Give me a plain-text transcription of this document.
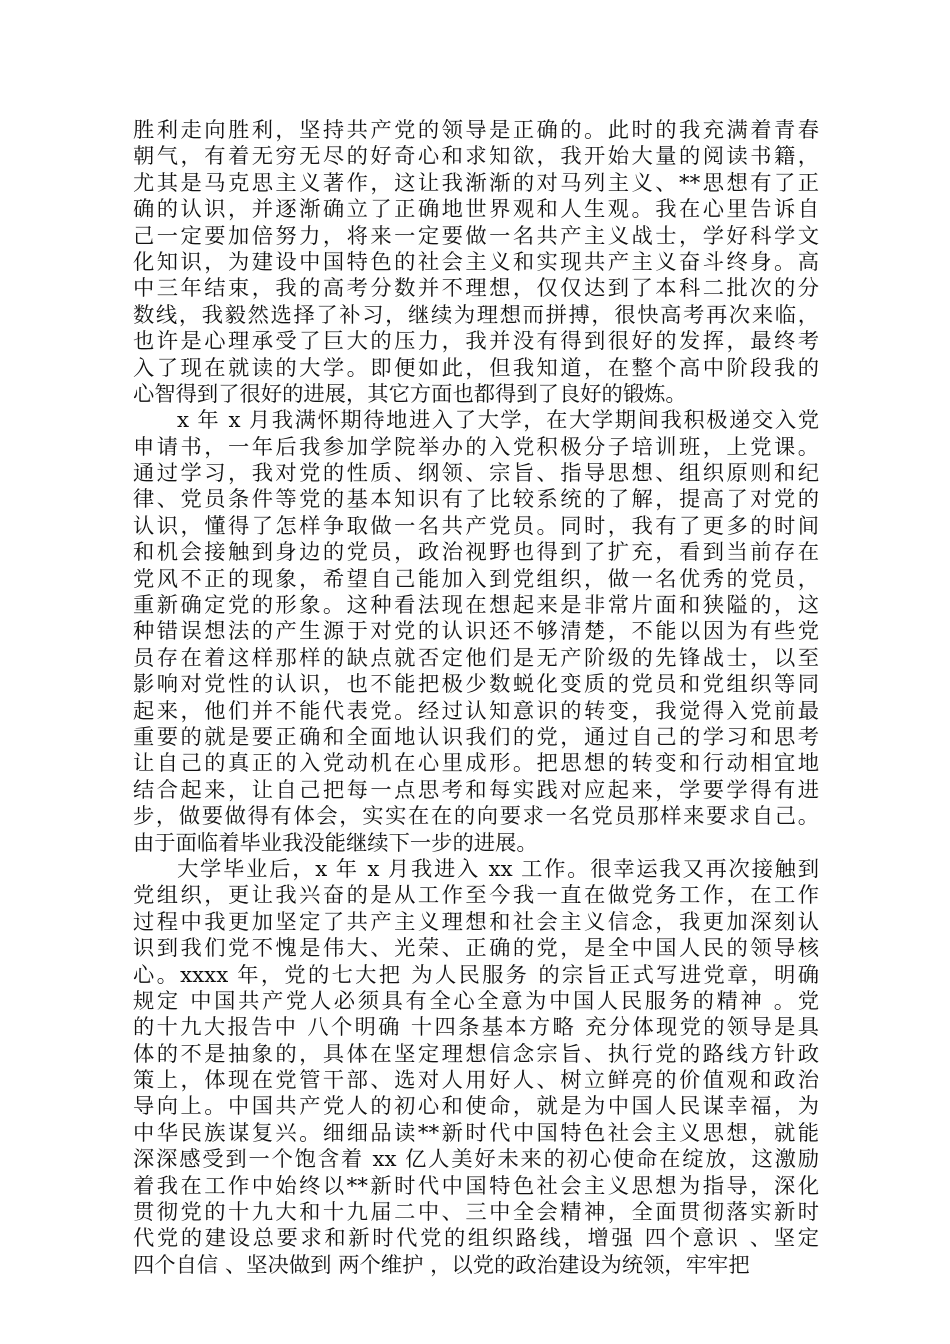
胜利走向胜利，坚持共产党的领导是正确的。此时的我充满着青春
朝气，有着无穷无尽的好奇心和求知欲，我开始大量的阅读书籍，
尤其是马克思主义著作，这让我渐渐的对马列主义、**思想有了正
确的认识，并逐渐确立了正确地世界观和人生观。我在心里告诉自
己一定要加倍努力，将来一定要做一名共产主义战士，学好科学文
化知识，为建设中国特色的社会主义和实现共产主义奋斗终身。高
中三年结束，我的高考分数并不理想，仅仅达到了本科二批次的分
数线，我毅然选择了补习，继续为理想而拼搏，很快高考再次来临，
也许是心理承受了巨大的压力，我并没有得到很好的发挥，最终考
入了现在就读的大学。即便如此，但我知道，在整个高中阶段我的
心智得到了很好的进展，其它方面也都得到了良好的锻炼。
x 年 x 月我满怀期待地进入了大学，在大学期间我积极递交入党
申请书，一年后我参加学院举办的入党积极分子培训班，上党课。
通过学习，我对党的性质、纲领、宗旨、指导思想、组织原则和纪
律、党员条件等党的基本知识有了比较系统的了解，提高了对党的
认识，懂得了怎样争取做一名共产党员。同时，我有了更多的时间
和机会接触到身边的党员，政治视野也得到了扩充，看到当前存在
党风不正的现象，希望自己能加入到党组织，做一名优秀的党员，
重新确定党的形象。这种看法现在想起来是非常片面和狭隘的，这
种错误想法的产生源于对党的认识还不够清楚，不能以因为有些党
员存在着这样那样的缺点就否定他们是无产阶级的先锋战士，以至
影响对党性的认识，也不能把极少数蜕化变质的党员和党组织等同
起来，他们并不能代表党。经过认知意识的转变，我觉得入党前最
重要的就是要正确和全面地认识我们的党，通过自己的学习和思考
让自己的真正的入党动机在心里成形。把思想的转变和行动相宜地
结合起来，让自己把每一点思考和每实践对应起来，学要学得有进
步，做要做得有体会，实实在在的向要求一名党员那样来要求自己。
由于面临着毕业我没能继续下一步的进展。
大学毕业后，x 年 x 月我进入 xx 工作。很幸运我又再次接触到
党组织，更让我兴奋的是从工作至今我一直在做党务工作，在工作
过程中我更加坚定了共产主义理想和社会主义信念，我更加深刻认
识到我们党不愧是伟大、光荣、正确的党，是全中国人民的领导核
心。xxxx 年，党的七大把 为人民服务 的宗旨正式写进党章，明确
规定 中国共产党人必须具有全心全意为中国人民服务的精神 。党
的十九大报告中 八个明确 十四条基本方略 充分体现党的领导是具
体的不是抽象的，具体在坚定理想信念宗旨、执行党的路线方针政
策上，体现在党管干部、选对人用好人、树立鲜亮的价值观和政治
导向上。中国共产党人的初心和使命，就是为中国人民谋幸福，为
中华民族谋复兴。细细品读**新时代中国特色社会主义思想，就能
深深感受到一个饱含着 xx 亿人美好未来的初心使命在绽放，这激励
着我在工作中始终以**新时代中国特色社会主义思想为指导，深化
贯彻党的十九大和十九届二中、三中全会精神，全面贯彻落实新时
代党的建设总要求和新时代党的组织路线，增强 四个意识 、坚定
四个自信 、坚决做到 两个维护 ，以党的政治建设为统领，牢牢把
